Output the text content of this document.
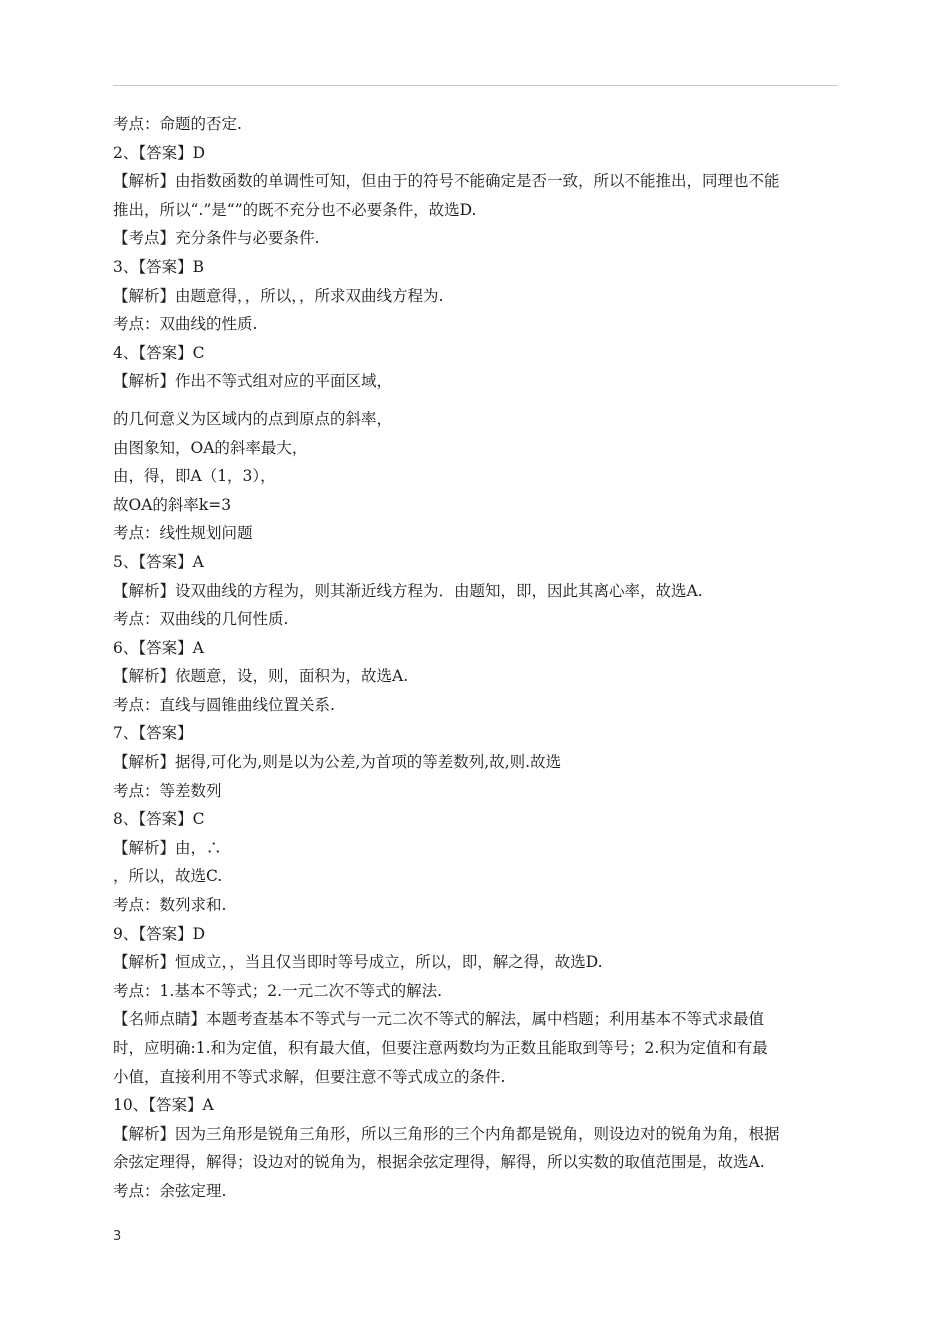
考点：命题的否定.
2、【答案】D
【解析】由指数函数的单调性可知，但由于的符号不能确定是否一致，所以不能推出，同理也不能
推出，所以“.”是“”的既不充分也不必要条件，故选D.
【考点】充分条件与必要条件.
3、【答案】B
【解析】由题意得，，所以，，所求双曲线方程为.
考点：双曲线的性质.
4、【答案】C
【解析】作出不等式组对应的平面区域，
的几何意义为区域内的点到原点的斜率，
由图象知，OA的斜率最大，
由，得，即A（1，3），
故OA的斜率k=3
考点：线性规划问题
5、【答案】A
【解析】设双曲线的方程为，则其渐近线方程为．由题知，即，因此其离心率，故选A.
考点：双曲线的几何性质.
6、【答案】A
【解析】依题意，设，则，面积为，故选A.
考点：直线与圆锥曲线位置关系.
7、【答案】
【解析】据得,可化为,则是以为公差,为首项的等差数列,故,则.故选
考点：等差数列
8、【答案】C
【解析】由，∴
，所以，故选C.
考点：数列求和.
9、【答案】D
【解析】恒成立，，当且仅当即时等号成立，所以，即，解之得，故选D.
考点：1.基本不等式；2.一元二次不等式的解法.
【名师点睛】本题考查基本不等式与一元二次不等式的解法，属中档题；利用基本不等式求最值
时，应明确:1.和为定值，积有最大值，但要注意两数均为正数且能取到等号；2.积为定值和有最
小值，直接利用不等式求解，但要注意不等式成立的条件.
10、【答案】A
【解析】因为三角形是锐角三角形，所以三角形的三个内角都是锐角，则设边对的锐角为角，根据
余弦定理得，解得；设边对的锐角为，根据余弦定理得，解得，所以实数的取值范围是，故选A.
考点：余弦定理.
3
